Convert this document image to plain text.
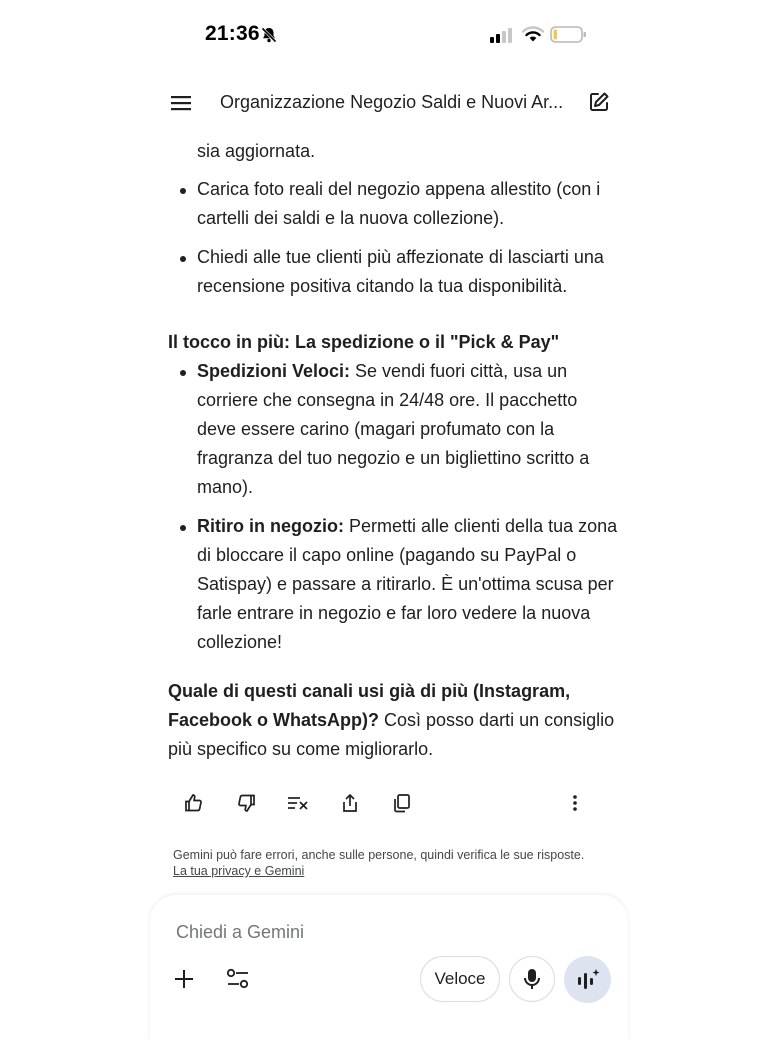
21:36
Organizzazione Negozio Saldi e Nuovi Ar...
sia aggiornata.
Carica foto reali del negozio appena allestito (con i
cartelli dei saldi e la nuova collezione).
Chiedi alle tue clienti più affezionate di lasciarti una
recensione positiva citando la tua disponibilità.
Il tocco in più: La spedizione o il "Pick & Pay"
Spedizioni Veloci: Se vendi fuori città, usa un
corriere che consegna in 24/48 ore. Il pacchetto
deve essere carino (magari profumato con la
fragranza del tuo negozio e un bigliettino scritto a
mano).
Ritiro in negozio: Permetti alle clienti della tua zona
di bloccare il capo online (pagando su PayPal o
Satispay) e passare a ritirarlo. È un'ottima scusa per
farle entrare in negozio e far loro vedere la nuova
collezione!
Quale di questi canali usi già di più (Instagram,
Facebook o WhatsApp)? Così posso darti un consiglio
più specifico su come migliorarlo.
Gemini può fare errori, anche sulle persone, quindi verifica le sue risposte. La tua privacy e Gemini
Chiedi a Gemini
Veloce
